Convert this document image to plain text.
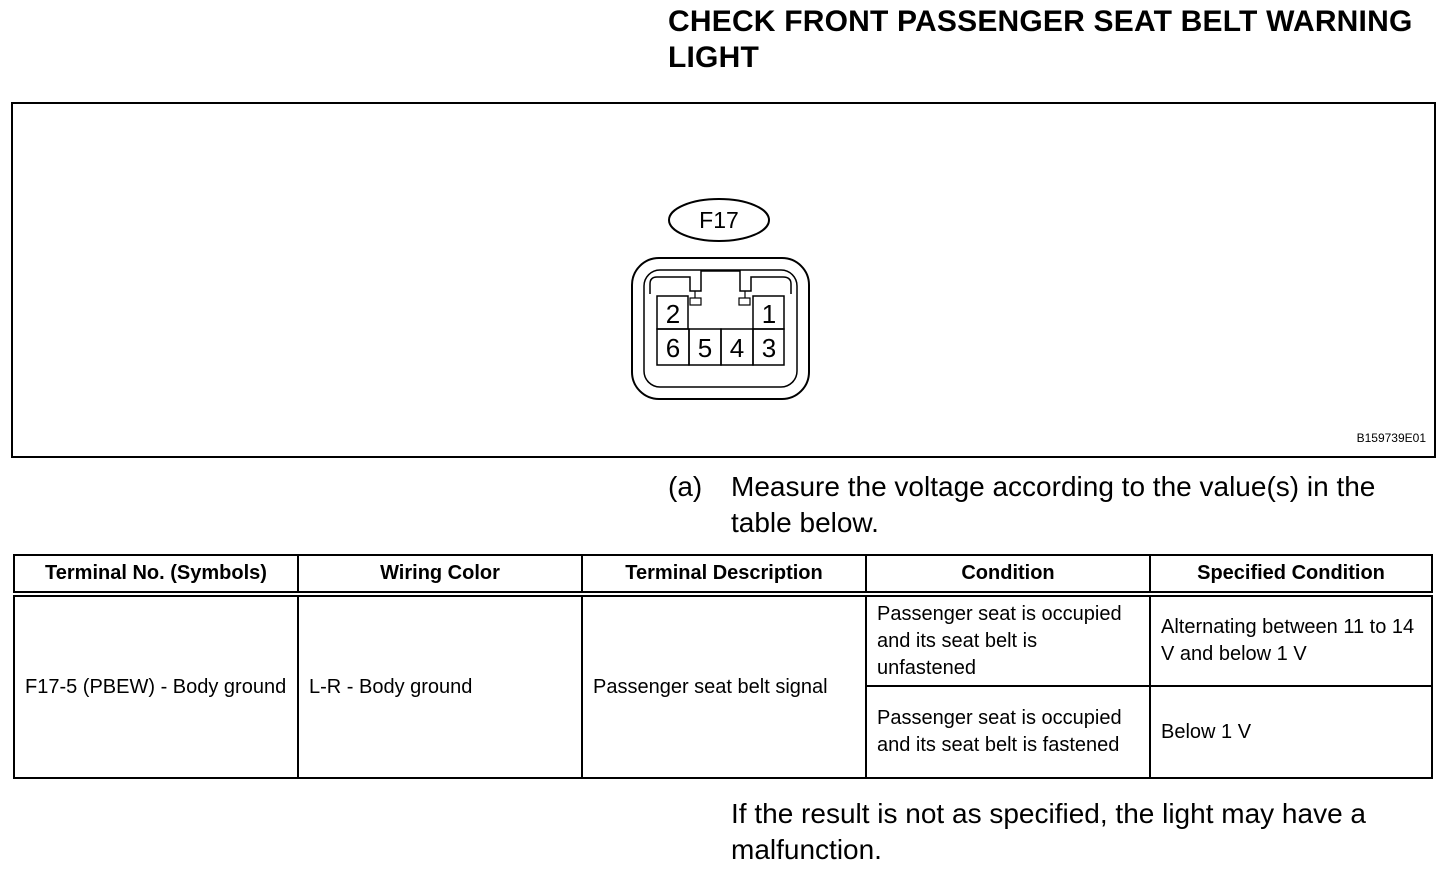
CHECK FRONT PASSENGER SEAT BELT WARNING LIGHT
F17
2	1
6 5 4 3
B159739E01
(a) Measure the voltage according to the value(s) in the table below.
Terminal No. (Symbols)	Wiring Color	Terminal Description	Condition	Specified Condition
F17-5 (PBEW) - Body ground	L-R - Body ground	Passenger seat belt signal	Passenger seat is occupied and its seat belt is unfastened	Alternating between 11 to 14 V and below 1 V
			Passenger seat is occupied and its seat belt is fastened	Below 1 V
If the result is not as specified, the light may have a malfunction.
